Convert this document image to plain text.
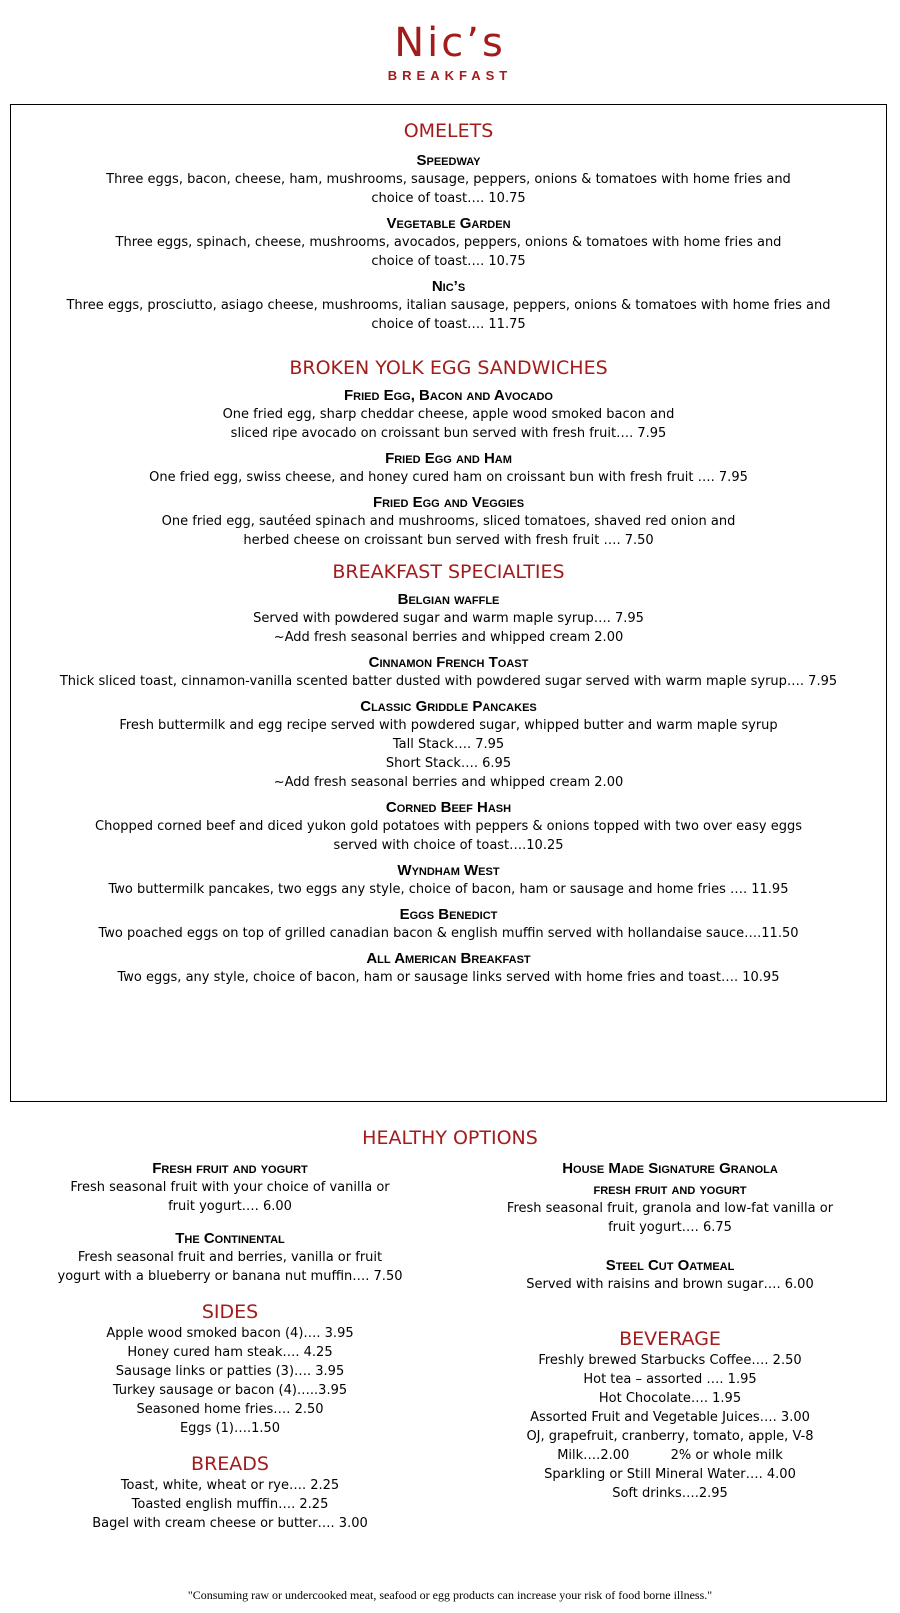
Nic’s
BREAKFAST
OMELETS
Speedway
Three eggs, bacon, cheese, ham, mushrooms, sausage, peppers, onions & tomatoes with home fries and
choice of toast…. 10.75
Vegetable Garden
Three eggs, spinach, cheese, mushrooms, avocados, peppers, onions & tomatoes with home fries and
choice of toast…. 10.75
Nic’s
Three eggs, prosciutto, asiago cheese, mushrooms, italian sausage, peppers, onions & tomatoes with home fries and
choice of toast…. 11.75
BROKEN YOLK EGG SANDWICHES
Fried Egg, Bacon and Avocado
One fried egg, sharp cheddar cheese, apple wood smoked bacon and
sliced ripe avocado on croissant bun served with fresh fruit…. 7.95
Fried Egg and Ham
One fried egg, swiss cheese, and honey cured ham on croissant bun with fresh fruit …. 7.95
Fried Egg and Veggies
One fried egg, sautéed spinach and mushrooms, sliced tomatoes, shaved red onion and
herbed cheese on croissant bun served with fresh fruit …. 7.50
BREAKFAST SPECIALTIES
Belgian waffle
Served with powdered sugar and warm maple syrup…. 7.95
~Add fresh seasonal berries and whipped cream 2.00
Cinnamon French Toast
Thick sliced toast, cinnamon-vanilla scented batter dusted with powdered sugar served with warm maple syrup…. 7.95
Classic Griddle Pancakes
Fresh buttermilk and egg recipe served with powdered sugar, whipped butter and warm maple syrup
Tall Stack…. 7.95
Short Stack…. 6.95
~Add fresh seasonal berries and whipped cream 2.00
Corned Beef Hash
Chopped corned beef and diced yukon gold potatoes with peppers & onions topped with two over easy eggs
served with choice of toast….10.25
Wyndham West
Two buttermilk pancakes, two eggs any style, choice of bacon, ham or sausage and home fries …. 11.95
Eggs Benedict
Two poached eggs on top of grilled canadian bacon & english muffin served with hollandaise sauce….11.50
All American Breakfast
Two eggs, any style, choice of bacon, ham or sausage links served with home fries and toast…. 10.95
HEALTHY OPTIONS
Fresh fruit and yogurt
Fresh seasonal fruit with your choice of vanilla or
fruit yogurt…. 6.00
The Continental
Fresh seasonal fruit and berries, vanilla or fruit
yogurt with a blueberry or banana nut muffin…. 7.50
SIDES
Apple wood smoked bacon (4)…. 3.95
Honey cured ham steak…. 4.25
Sausage links or patties (3)…. 3.95
Turkey sausage or bacon (4)…..3.95
Seasoned home fries…. 2.50
Eggs (1)….1.50
BREADS
Toast, white, wheat or rye…. 2.25
Toasted english muffin…. 2.25
Bagel with cream cheese or butter…. 3.00
House Made Signature Granola
fresh fruit and yogurt
Fresh seasonal fruit, granola and low-fat vanilla or
fruit yogurt…. 6.75
Steel Cut Oatmeal
Served with raisins and brown sugar…. 6.00
BEVERAGE
Freshly brewed Starbucks Coffee…. 2.50
Hot tea – assorted …. 1.95
Hot Chocolate…. 1.95
Assorted Fruit and Vegetable Juices…. 3.00
OJ, grapefruit, cranberry, tomato, apple, V-8
Milk….2.00          2% or whole milk
Sparkling or Still Mineral Water…. 4.00
Soft drinks….2.95
"Consuming raw or undercooked meat, seafood or egg products can increase your risk of food borne illness."
